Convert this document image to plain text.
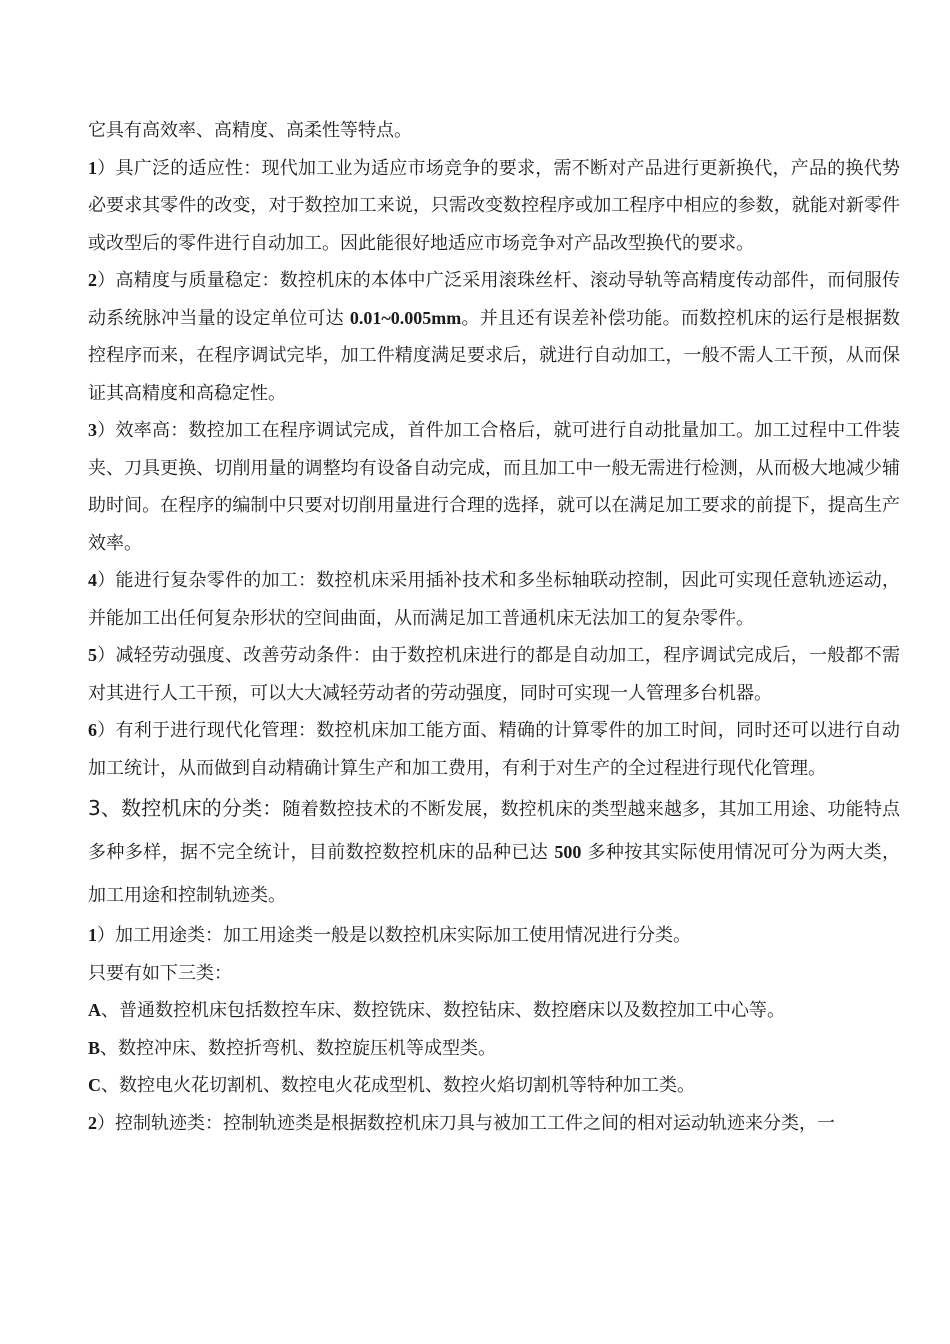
它具有高效率、高精度、高柔性等特点。

1）具广泛的适应性：现代加工业为适应市场竞争的要求，需不断对产品进行更新换代，产品的换代势必要求其零件的改变，对于数控加工来说，只需改变数控程序或加工程序中相应的参数，就能对新零件或改型后的零件进行自动加工。因此能很好地适应市场竞争对产品改型换代的要求。

2）高精度与质量稳定：数控机床的本体中广泛采用滚珠丝杆、滚动导轨等高精度传动部件，而伺服传动系统脉冲当量的设定单位可达 0.01~0.005mm。并且还有误差补偿功能。而数控机床的运行是根据数控程序而来，在程序调试完毕，加工件精度满足要求后，就进行自动加工，一般不需人工干预，从而保证其高精度和高稳定性。

3）效率高：数控加工在程序调试完成，首件加工合格后，就可进行自动批量加工。加工过程中工件装夹、刀具更换、切削用量的调整均有设备自动完成，而且加工中一般无需进行检测，从而极大地减少辅助时间。在程序的编制中只要对切削用量进行合理的选择，就可以在满足加工要求的前提下，提高生产效率。

4）能进行复杂零件的加工：数控机床采用插补技术和多坐标轴联动控制，因此可实现任意轨迹运动，并能加工出任何复杂形状的空间曲面，从而满足加工普通机床无法加工的复杂零件。

5）减轻劳动强度、改善劳动条件：由于数控机床进行的都是自动加工，程序调试完成后，一般都不需对其进行人工干预，可以大大减轻劳动者的劳动强度，同时可实现一人管理多台机器。

6）有利于进行现代化管理：数控机床加工能方面、精确的计算零件的加工时间，同时还可以进行自动加工统计，从而做到自动精确计算生产和加工费用，有利于对生产的全过程进行现代化管理。

3、数控机床的分类：随着数控技术的不断发展，数控机床的类型越来越多，其加工用途、功能特点多种多样，据不完全统计，目前数控数控机床的品种已达 500 多种按其实际使用情况可分为两大类，加工用途和控制轨迹类。

1）加工用途类：加工用途类一般是以数控机床实际加工使用情况进行分类。

只要有如下三类：

A、普通数控机床包括数控车床、数控铣床、数控钻床、数控磨床以及数控加工中心等。

B、数控冲床、数控折弯机、数控旋压机等成型类。

C、数控电火花切割机、数控电火花成型机、数控火焰切割机等特种加工类。

2）控制轨迹类：控制轨迹类是根据数控机床刀具与被加工工件之间的相对运动轨迹来分类，一
